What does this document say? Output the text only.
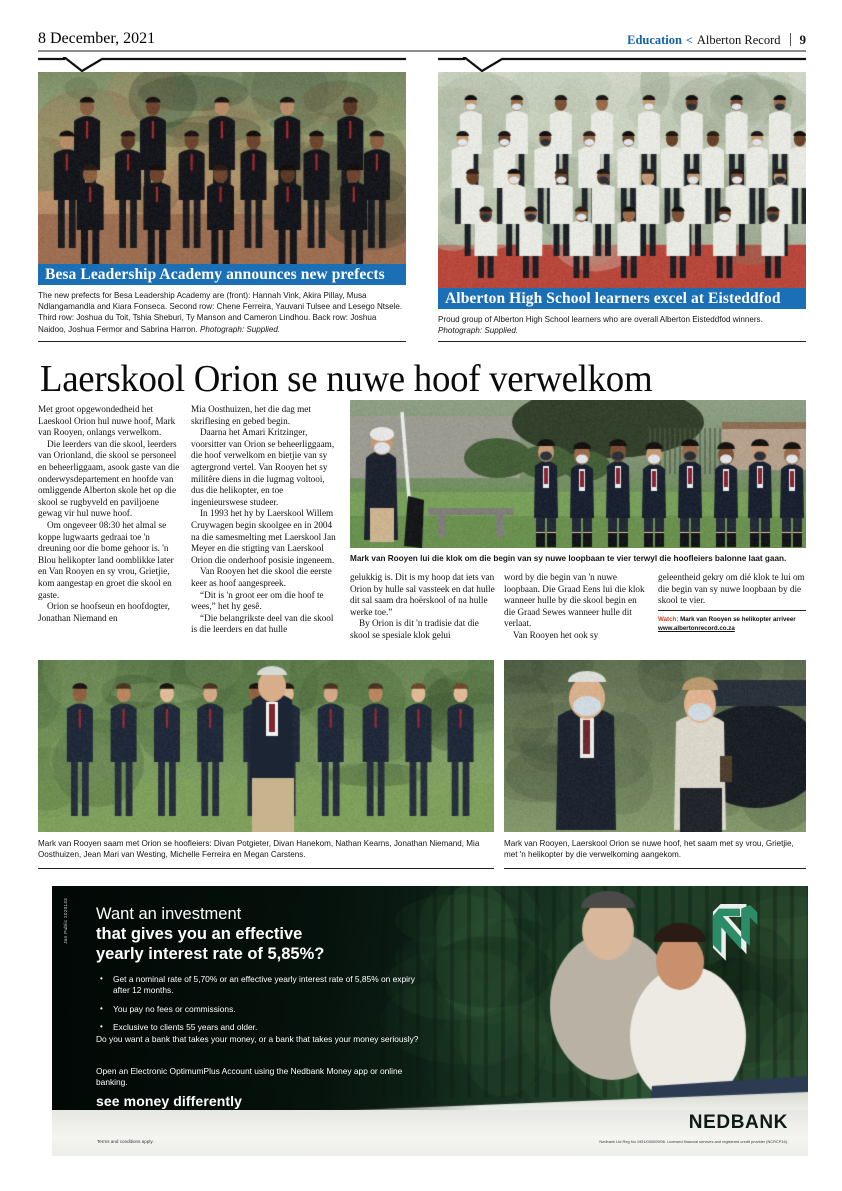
8 December, 2021	Education < Alberton Record 9
Besa Leadership Academy announces new prefects
The new prefects for Besa Leadership Academy are (front): Hannah Vink, Akira Pillay, Musa Ndlangamandla and Kiara Fonseca. Second row: Chene Ferreira, Yauvani Tulsee and Lesego Ntsele. Third row: Joshua du Toit, Tshia Sheburi, Ty Manson and Cameron Lindhou. Back row: Joshua Naidoo, Joshua Fermor and Sabrina Harron. Photograph: Supplied.
Alberton High School learners excel at Eisteddfod
Proud group of Alberton High School learners who are overall Alberton Eisteddfod winners. Photograph: Supplied.
Laerskool Orion se nuwe hoof verwelkom

Met groot opgewondedheid het Laeskool Orion hul nuwe hoof, Mark van Rooyen, onlangs verwelkom.

Die leerders van die skool, leerders van Orionland, die skool se personeel en beheerliggaam, asook gaste van die onderwysdepartement en hoofde van omliggende Alberton skole het op die skool se rugbyveld en paviljoene gewag vir hul nuwe hoof.

Om ongeveer 08:30 het almal se koppe lugwaarts gedraai toe 'n dreuning oor die bome gehoor is. 'n Blou helikopter land oomblikke later en Van Rooyen en sy vrou, Grietjie, kom aangestap en groet die skool en gaste.

Orion se hoofseun en hoofdogter, Jonathan Niemand en

Mia Oosthuizen, het die dag met skriflesing en gebed begin.

Daarna het Amari Kritzinger, voorsitter van Orion se beheerliggaam, die hoof verwelkom en bietjie van sy agtergrond vertel. Van Rooyen het sy militêre diens in die lugmag voltooi, dus die helikopter, en toe ingenieurswese studeer.

In 1993 het hy by Laerskool Willem Cruywagen begin skoolgee en in 2004 na die samesmelting met Laerskool Jan Meyer en die stigting van Laerskool Orion die onderhoof posisie ingeneem.

Van Rooyen het die skool die eerste keer as hoof aangespreek.

“Dit is 'n groot eer om die hoof te wees,” het hy gesê.

“Die belangrikste deel van die skool is die leerders en dat hulle

Mark van Rooyen lui die klok om die begin van sy nuwe loopbaan te vier terwyl die hoofleiers balonne laat gaan.

gelukkig is. Dit is my hoop dat iets van Orion by hulle sal vassteek en dat hulle dit sal saam dra hoërskool of na hulle werke toe.”

By Orion is dit 'n tradisie dat die skool se spesiale klok gelui

word by die begin van 'n nuwe loopbaan. Die Graad Eens lui die klok wanneer hulle by die skool begin en die Graad Sewes wanneer hulle dit verlaat.

Van Rooyen het ook sy

geleentheid gekry om dié klok te lui om die begin van sy nuwe loopbaan by die skool te vier.

Watch: Mark van Rooyen se helikopter arriveer
www.albertonrecord.co.za
Mark van Rooyen saam met Orion se hoofleiers: Divan Potgieter, Divan Hanekom, Nathan Kearns, Jonathan Niemand, Mia Oosthuizen, Jean Mari van Westing, Michelle Ferreira en Megan Carstens.
Mark van Rooyen, Laerskool Orion se nuwe hoof, het saam met sy vrou, Grietjie, met 'n helikopter by die verwelkoming aangekom.
Jan Public 2020143 Want an investment
that gives you an effective
yearly interest rate of 5,85%?
• Get a nominal rate of 5,70% or an effective yearly interest rate of 5,85% on expiry after 12 months.
• You pay no fees or commissions.
• Exclusive to clients 55 years and older.
Do you want a bank that takes your money, or a bank that takes your money seriously?
Open an Electronic OptimumPlus Account using the Nedbank Money app or online banking.
see money differently
NEDBANK
Terms and conditions apply.	Nedbank Ltd Reg No 1951/000009/06. Licensed financial services and registered credit provider (NCRCP16).
